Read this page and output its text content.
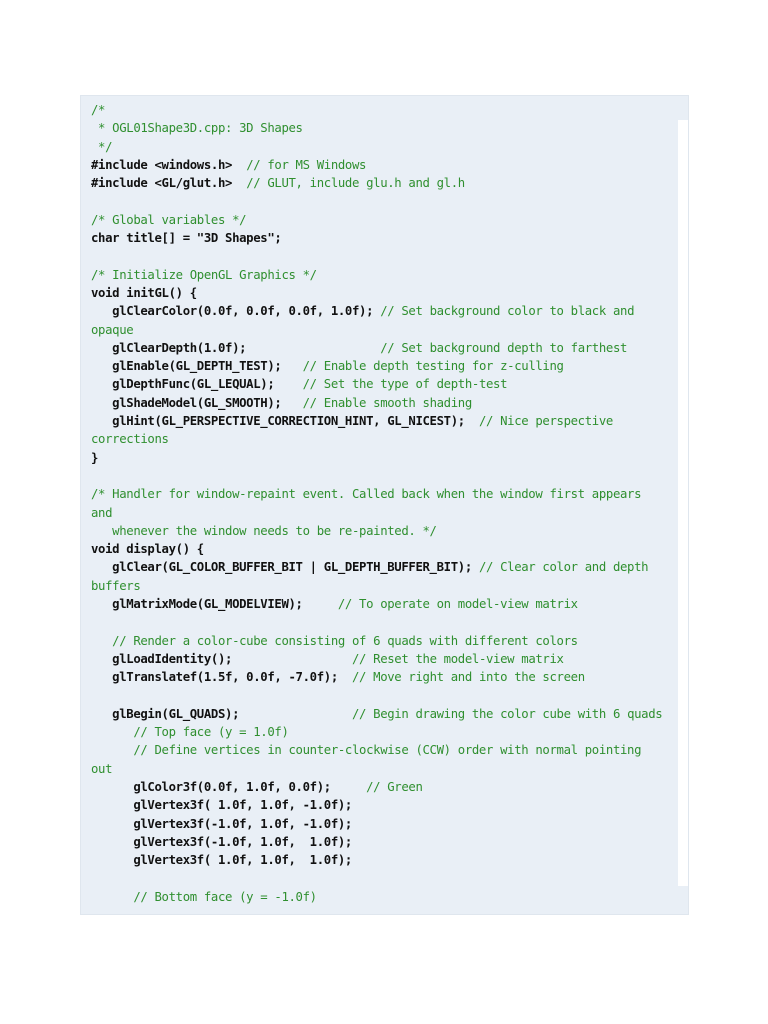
/*
* OGL01Shape3D.cpp: 3D Shapes
*/
#include <windows.h>  // for MS Windows
#include <GL/glut.h>  // GLUT, include glu.h and gl.h
/* Global variables */
char title[] = "3D Shapes";
/* Initialize OpenGL Graphics */
void initGL() {
glClearColor(0.0f, 0.0f, 0.0f, 1.0f); // Set background color to black and
opaque
glClearDepth(1.0f);                   // Set background depth to farthest
glEnable(GL_DEPTH_TEST);   // Enable depth testing for z-culling
glDepthFunc(GL_LEQUAL);    // Set the type of depth-test
glShadeModel(GL_SMOOTH);   // Enable smooth shading
glHint(GL_PERSPECTIVE_CORRECTION_HINT, GL_NICEST);  // Nice perspective
corrections
}
/* Handler for window-repaint event. Called back when the window first appears
and
whenever the window needs to be re-painted. */
void display() {
glClear(GL_COLOR_BUFFER_BIT | GL_DEPTH_BUFFER_BIT); // Clear color and depth
buffers
glMatrixMode(GL_MODELVIEW);     // To operate on model-view matrix
// Render a color-cube consisting of 6 quads with different colors
glLoadIdentity();                 // Reset the model-view matrix
glTranslatef(1.5f, 0.0f, -7.0f);  // Move right and into the screen
glBegin(GL_QUADS);                // Begin drawing the color cube with 6 quads
// Top face (y = 1.0f)
// Define vertices in counter-clockwise (CCW) order with normal pointing
out
glColor3f(0.0f, 1.0f, 0.0f);     // Green
glVertex3f( 1.0f, 1.0f, -1.0f);
glVertex3f(-1.0f, 1.0f, -1.0f);
glVertex3f(-1.0f, 1.0f,  1.0f);
glVertex3f( 1.0f, 1.0f,  1.0f);
// Bottom face (y = -1.0f)
